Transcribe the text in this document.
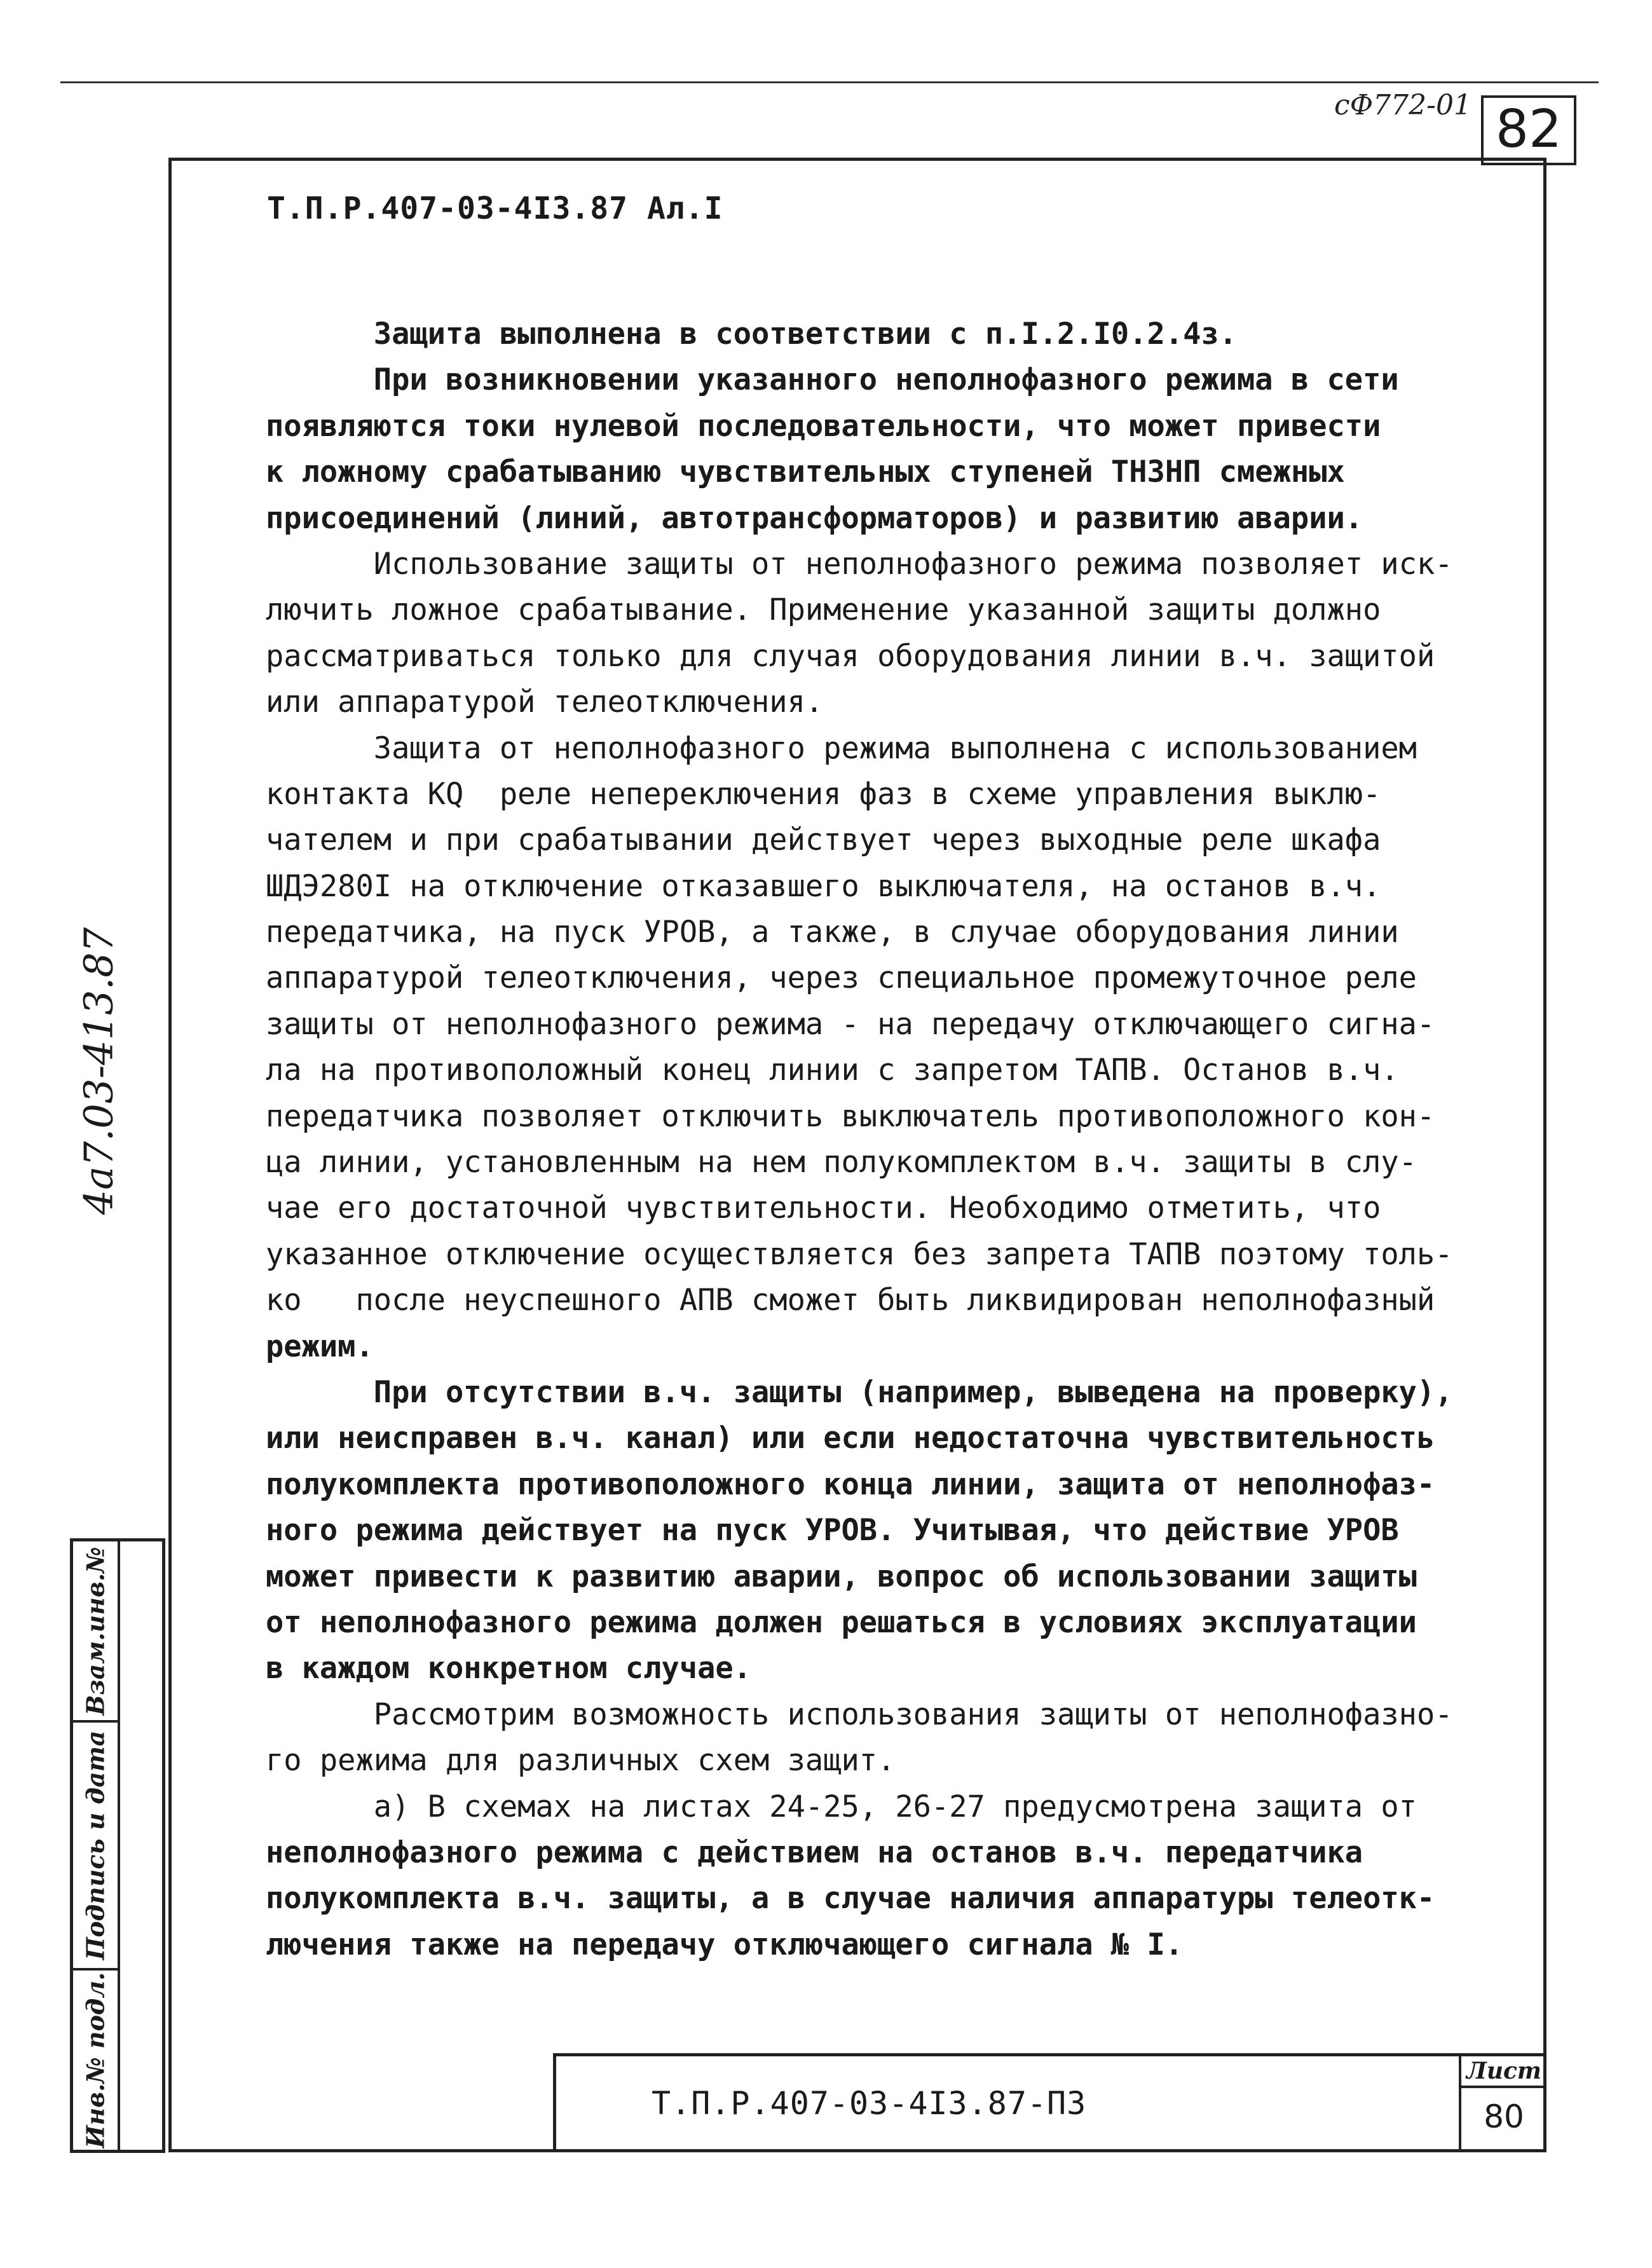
сФ772-01 82
Т.П.Р.407-03-4I3.87 Ал.I
Защита выполнена в соответствии с п.I.2.I0.2.4з.
При возникновении указанного неполнофазного режима в сети
появляются токи нулевой последовательности, что может привести
к ложному срабатыванию чувствительных ступеней ТНЗНП смежных
присоединений (линий, автотрансформаторов) и развитию аварии.
Использование защиты от неполнофазного режима позволяет иск-
лючить ложное срабатывание. Применение указанной защиты должно
рассматриваться только для случая оборудования линии в.ч. защитой
или аппаратурой телеотключения.
Защита от неполнофазного режима выполнена с использованием
контакта KQ  реле непереключения фаз в схеме управления выклю-
чателем и при срабатывании действует через выходные реле шкафа
ШДЭ280I на отключение отказавшего выключателя, на останов в.ч.
передатчика, на пуск УРОВ, а также, в случае оборудования линии
аппаратурой телеотключения, через специальное промежуточное реле
защиты от неполнофазного режима - на передачу отключающего сигна-
ла на противоположный конец линии с запретом ТАПВ. Останов в.ч.
передатчика позволяет отключить выключатель противоположного кон-
ца линии, установленным на нем полукомплектом в.ч. защиты в слу-
чае его достаточной чувствительности. Необходимо отметить, что
указанное отключение осуществляется без запрета ТАПВ поэтому толь-
ко   после неуспешного АПВ сможет быть ликвидирован неполнофазный
режим.
При отсутствии в.ч. защиты (например, выведена на проверку),
или неисправен в.ч. канал) или если недостаточна чувствительность
полукомплекта противоположного конца линии, защита от неполнофаз-
ного режима действует на пуск УРОВ. Учитывая, что действие УРОВ
может привести к развитию аварии, вопрос об использовании защиты
от неполнофазного режима должен решаться в условиях эксплуатации
в каждом конкретном случае.
Рассмотрим возможность использования защиты от неполнофазно-
го режима для различных схем защит.
а) В схемах на листах 24-25, 26-27 предусмотрена защита от
неполнофазного режима с действием на останов в.ч. передатчика
полукомплекта в.ч. защиты, а в случае наличия аппаратуры телеотк-
лючения также на передачу отключающего сигнала № I.
4а7.03-413.87
Взам.инв.№
Подпись и дата
Инв.№ подл.	Т.П.Р.407-03-4I3.87-ПЗ
Лист
80
